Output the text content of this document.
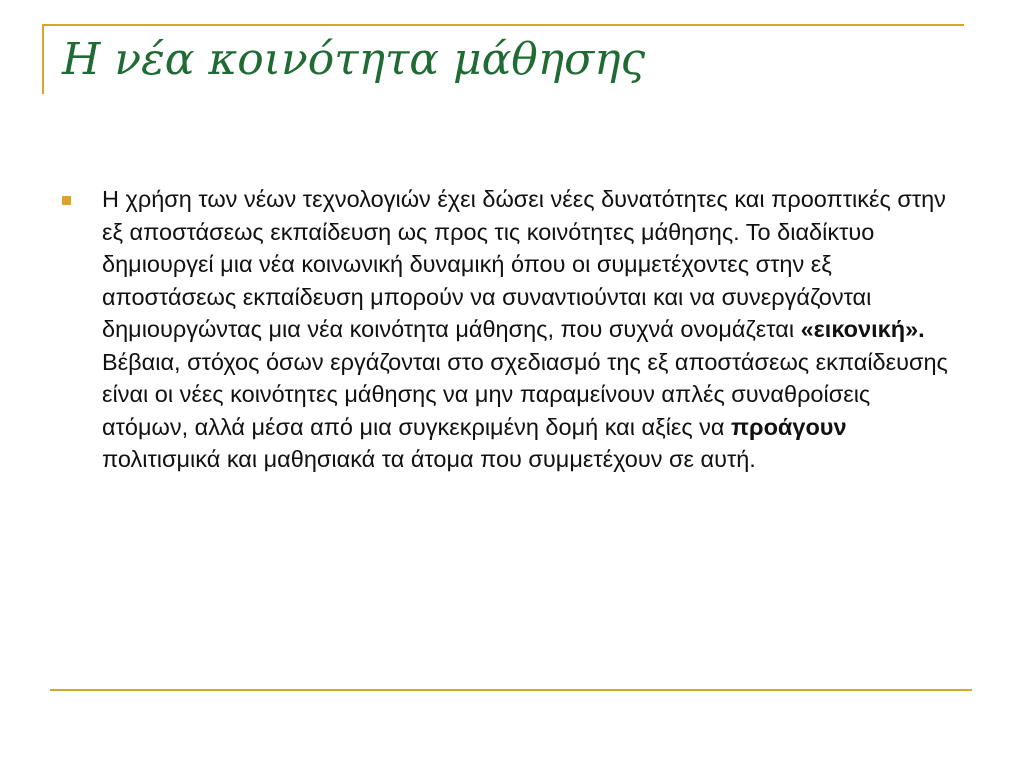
Η νέα κοινότητα μάθησης

Η χρήση των νέων τεχνολογιών έχει δώσει νέες δυνατότητες και προοπτικές στην εξ αποστάσεως εκπαίδευση ως προς τις κοινότητες μάθησης. Το διαδίκτυο δημιουργεί μια νέα κοινωνική δυναμική όπου οι συμμετέχοντες στην εξ αποστάσεως εκπαίδευση μπορούν να συναντιούνται και να συνεργάζονται δημιουργώντας μια νέα κοινότητα μάθησης, που συχνά ονομάζεται «εικονική». Βέβαια, στόχος όσων εργάζονται στο σχεδιασμό της εξ αποστάσεως εκπαίδευσης είναι οι νέες κοινότητες μάθησης να μην παραμείνουν απλές συναθροίσεις ατόμων, αλλά μέσα από μια συγκεκριμένη δομή και αξίες να προάγουν πολιτισμικά και μαθησιακά τα άτομα που συμμετέχουν σε αυτή.
